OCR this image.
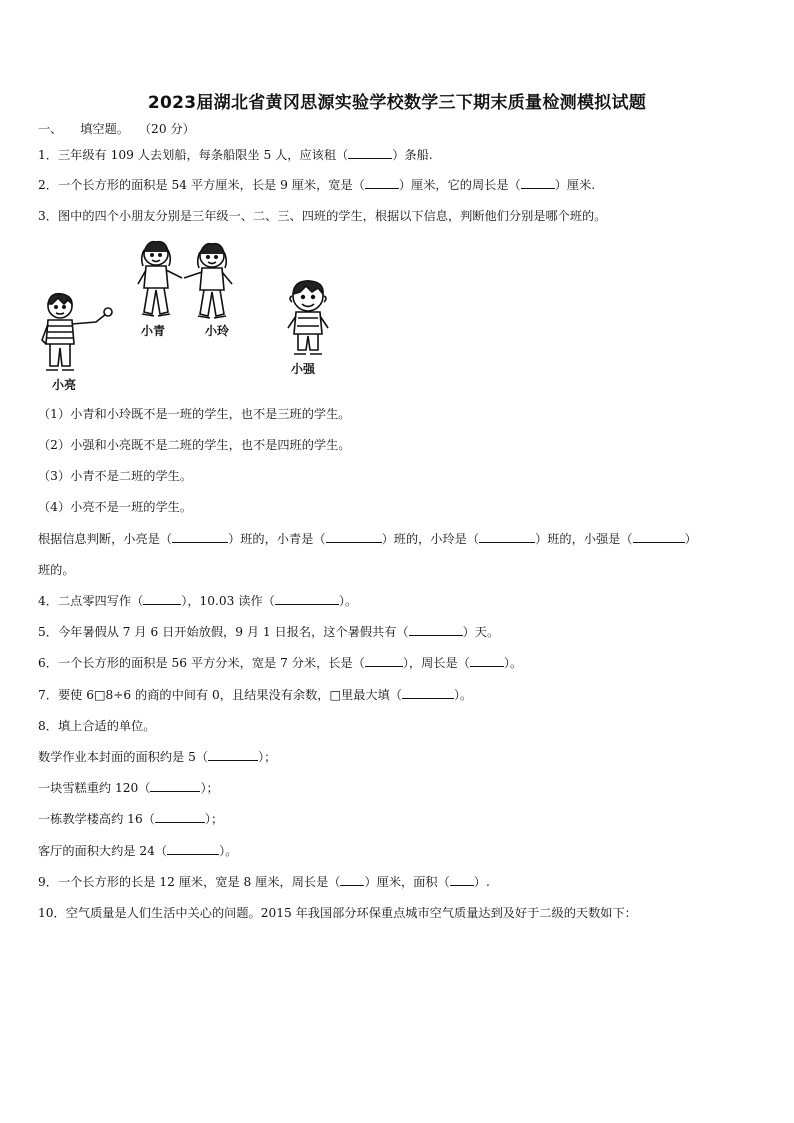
2023届湖北省黄冈思源实验学校数学三下期末质量检测模拟试题
一、 填空题。 （20 分）
1．三年级有 109 人去划船，每条船限坐 5 人，应该租（	）条船.
2．一个长方形的面积是 54 平方厘米，长是 9 厘米，宽是（	）厘米，它的周长是（	）厘米.
3．图中的四个小朋友分别是三年级一、二、三、四班的学生，根据以下信息，判断他们分别是哪个班的。
小青	小玲
小亮
小强
（1）小青和小玲既不是一班的学生，也不是三班的学生。
（2）小强和小亮既不是二班的学生，也不是四班的学生。
（3）小青不是二班的学生。
（4）小亮不是一班的学生。
根据信息判断，小亮是（	）班的，小青是（	）班的，小玲是（	）班的，小强是（	）
班的。
4．二点零四写作（	），10.03 读作（	）。
5．今年暑假从 7 月 6 日开始放假，9 月 1 日报名，这个暑假共有（	）天。
6．一个长方形的面积是 56 平方分米，宽是 7 分米，长是（	），周长是（	）。
7．要使 6□8÷6 的商的中间有 0，且结果没有余数，□里最大填（	）。
8．填上合适的单位。
数学作业本封面的面积约是 5（	）；
一块雪糕重约 120（	）；
一栋教学楼高约 16（	）；
客厅的面积大约是 24（	）。
9．一个长方形的长是 12 厘米，宽是 8 厘米，周长是（ ）厘米，面积（ ）.
10．空气质量是人们生活中关心的问题。2015 年我国部分环保重点城市空气质量达到及好于二级的天数如下：
